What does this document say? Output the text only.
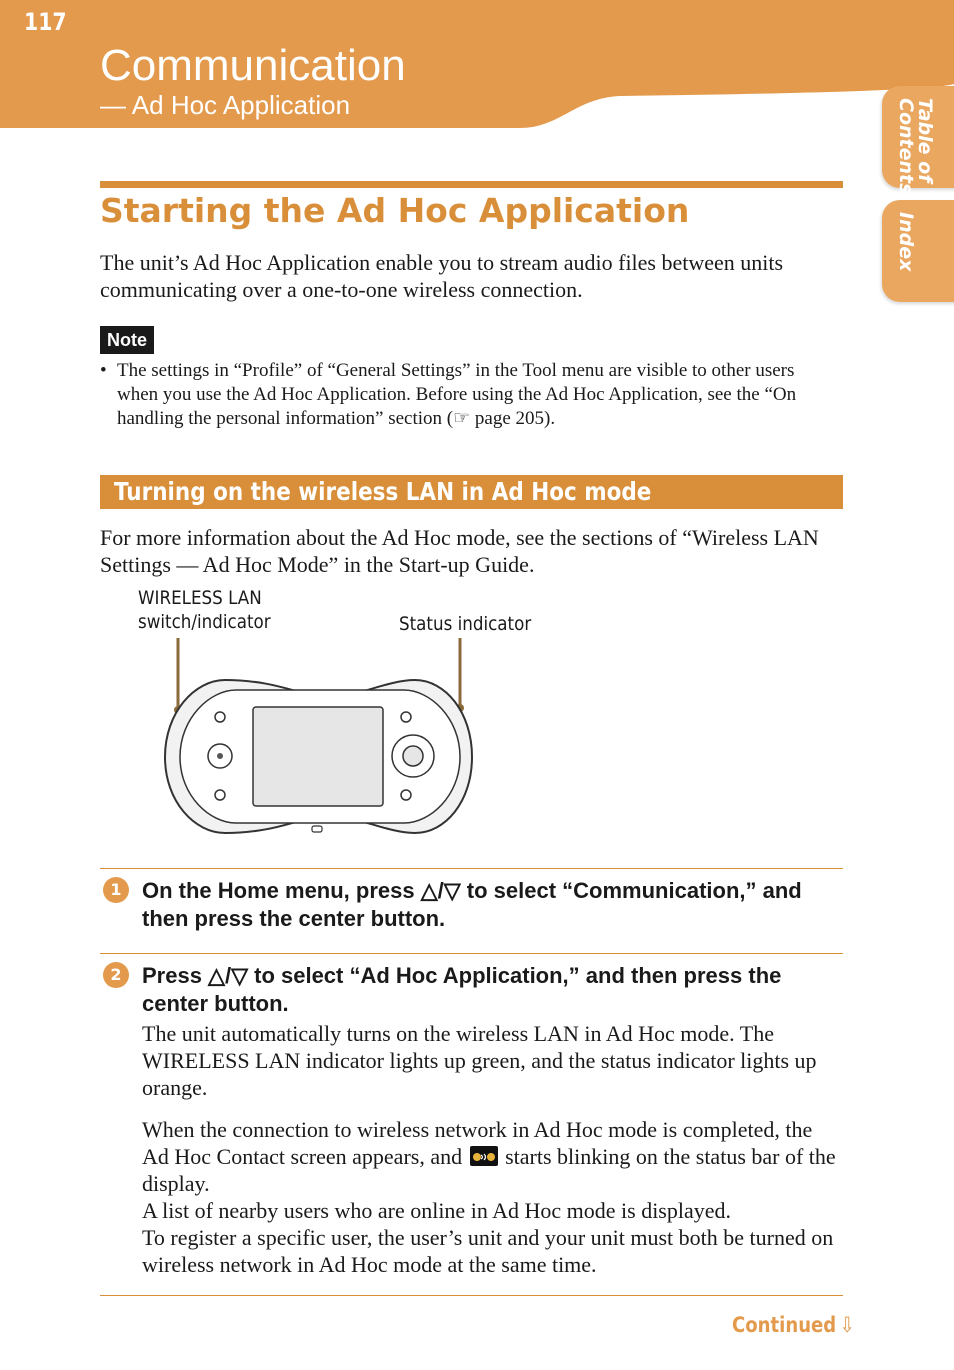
117
Communication
— Ad Hoc Application	Table of
Contents
Index
Starting the Ad Hoc Application

The unit’s Ad Hoc Application enable you to stream audio files between units communicating over a one-to-one wireless connection.

Note
• The settings in “Profile” of “General Settings” in the Tool menu are visible to other users when you use the Ad Hoc Application. Before using the Ad Hoc Application, see the “On handling the personal information” section (☞ page 205).

Turning on the wireless LAN in Ad Hoc mode

For more information about the Ad Hoc mode, see the sections of “Wireless LAN Settings — Ad Hoc Mode” in the Start-up Guide.

WIRELESS LAN
switch/indicator	Status indicator
1 On the Home menu, press △/▽ to select “Communication,” and then press the center button.

2 Press △/▽ to select “Ad Hoc Application,” and then press the center button.

The unit automatically turns on the wireless LAN in Ad Hoc mode. The WIRELESS LAN indicator lights up green, and the status indicator lights up orange.

When the connection to wireless network in Ad Hoc mode is completed, the Ad Hoc Contact screen appears, and starts blinking on the status bar of the display.
A list of nearby users who are online in Ad Hoc mode is displayed.
To register a specific user, the user’s unit and your unit must both be turned on wireless network in Ad Hoc mode at the same time.
Continued ⇩
